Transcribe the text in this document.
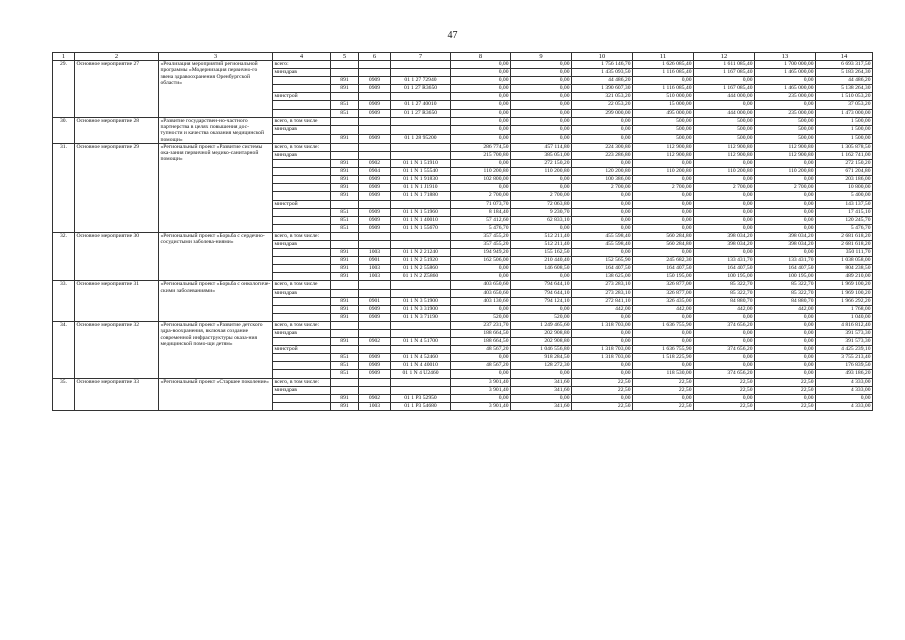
47
1	2	3	4	5	6	7	8	9	10	11	12	13	14
29.	Основное мероприятие 27	«Реализация мероприятий региональной программы «Модернизация первично-го звена здравоохранения Оренбургской области»	всего:				0,00	0,00	1 756 146,70	1 626 085,40	1 611 085,40	1 700 000,00	6 693 317,50
			минздрав				0,00	0,00	1 435 093,50	1 116 085,40	1 167 085,40	1 465 000,00	5 183 264,30
				891	0909	01 1 27 72940	0,00	0,00	44 486,20	0,00	0,00	0,00	44 486,20
				891	0909	01 1 27 R3650	0,00	0,00	1 390 607,30	1 116 085,40	1 167 085,40	1 465 000,00	5 138 264,30
			минстрой				0,00	0,00	321 053,20	510 000,00	444 000,00	235 000,00	1 510 053,20
				851	0909	01 1 27 40010	0,00	0,00	22 053,20	15 000,00	0,00	0,00	37 053,20
				851	0909	01 1 27 R3650	0,00	0,00	299 000,00	495 000,00	444 000,00	235 000,00	1 473 000,00
30.	Основное мероприятие 28	«Развитие государствен-но-частного партнерства в целях повышения дос-тупности и качества оказания медицинской помощи»	всего, в том числе				0,00	0,00	0,00	500,00	500,00	500,00	1 500,00
			минздрав				0,00	0,00	0,00	500,00	500,00	500,00	1 500,00
				891	0909	01 1 28 95200	0,00	0,00	0,00	500,00	500,00	500,00	1 500,00
31.	Основное мероприятие 29	«Региональный проект «Развитие системы ока-зания первичной медико-санитарной помощи»	всего, в том числе:				286 774,50	457 114,80	224 300,80	112 900,80	112 900,80	112 900,80	1 305 878,50
			минздрав				215 700,80	385 051,00	223 286,80	112 900,80	112 900,80	112 900,80	1 162 741,00
				891	0902	01 1 N 1 51910	0,00	272 150,20	0,00	0,00	0,00	0,00	272 150,20
				891	0904	01 1 N 1 55540	110 200,80	110 200,80	120 200,80	110 200,80	110 200,80	110 200,80	671 204,80
				891	0909	01 1 N 1 91830	102 800,00	0,00	100 386,00	0,00	0,00	0,00	203 186,00
				891	0909	01 1 N 1 J1910	0,00	0,00	2 700,00	2 700,00	2 700,00	2 700,00	10 800,00
				891	0909	01 1 N 1 71880	2 700,00	2 700,00	0,00	0,00	0,00	0,00	5 400,00
			минстрой				71 073,70	72 063,80	0,00	0,00	0,00	0,00	143 137,50
				851	0909	01 1 N 1 51960	8 184,40	9 230,70	0,00	0,00	0,00	0,00	17 415,10
				851	0909	01 1 N 1 40010	57 412,60	62 833,10	0,00	0,00	0,00	0,00	120 245,70
				851	0909	01 1 N 1 55670	5 476,70	0,00	0,00	0,00	0,00	0,00	5 476,70
32.	Основное мероприятие 30	«Региональный проект «Борьба с сердечно-сосудистыми заболева-ниями»	всего, в том числе:				357 455,20	512 211,40	455 598,40	560 284,80	398 034,20	398 034,20	2 681 618,20
			минздрав				357 455,20	512 211,40	455 598,40	560 284,80	398 034,20	398 034,20	2 681 618,20
				891	1003	01 1 N 2 21240	194 949,20	155 162,50	0,00	0,00	0,00	0,00	350 111,70
				891	0901	01 1 N 2 51920	162 506,00	210 440,40	152 565,90	245 682,30	133 431,70	133 431,70	1 038 058,00
				891	1003	01 1 N 2 55860	0,00	146 608,50	164 407,50	164 407,50	164 407,50	164 407,50	804 238,50
				891	1003	01 1 N 2 Z5860	0,00	0,00	138 625,00	150 195,00	100 195,00	100 195,00	489 210,00
33.	Основное мероприятие 31	«Региональный проект «Борьба с онкологиче-скими заболеваниями»	всего, в том числе				403 650,60	794 644,10	273 283,10	326 877,00	85 322,70	85 322,70	1 969 100,20
			минздрав				403 650,60	794 644,10	273 283,10	326 877,00	85 322,70	85 322,70	1 969 100,20
				891	0901	01 1 N 3 51900	403 130,60	794 124,10	272 841,10	326 435,00	84 880,70	84 880,70	1 966 292,20
				891	0909	01 1 N 3 31900	0,00	0,00	442,00	442,00	442,00	442,00	1 768,00
				891	0909	01 1 N 3 71190	520,00	520,00	0,00	0,00	0,00	0,00	1 040,00
34.	Основное мероприятие 32	«Региональный проект «Развитие детского здра-воохранения, включая создание современной инфраструктуры оказа-ния медицинской помо-щи детям»	всего, в том числе:				237 231,70	1 249 465,60	1 318 703,00	1 636 755,90	374 656,20	0,00	4 816 812,40
			минздрав				188 664,50	202 908,80	0,00	0,00	0,00	0,00	391 573,30
				891	0902	01 1 N 4 51700	188 664,50	202 908,80	0,00	0,00	0,00	0,00	391 573,30
			минстрой				48 567,20	1 046 556,80	1 318 703,00	1 636 755,90	374 656,20	0,00	4 425 239,10
				851	0909	01 1 N 4 52460	0,00	918 284,50	1 318 703,00	1 518 225,90	0,00	0,00	3 755 213,40
				851	0909	01 1 N 4 40010	48 567,20	128 272,30	0,00	0,00	0,00	0,00	176 839,50
				851	0909	01 1 N 4 U2460	0,00	0,00	0,00	118 530,00	374 656,20	0,00	493 186,20
35.	Основное мероприятие 33	«Региональный проект «Старшее поколение»	всего, в том числе:				3 901,40	341,60	22,50	22,50	22,50	22,50	4 333,00
			минздрав				3 901,40	341,60	22,50	22,50	22,50	22,50	4 333,00
				891	0902	01 1 P3 52950	0,00	0,00	0,00	0,00	0,00	0,00	0,00
				891	1003	01 1 P3 54680	3 901,40	341,60	22,50	22,50	22,50	22,50	4 333,00
